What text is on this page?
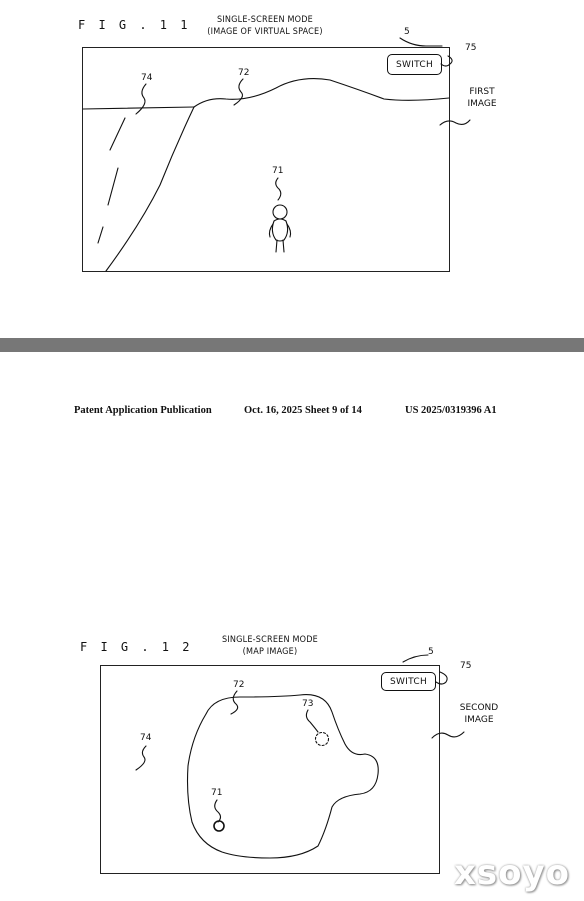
F I G . 1 1	SINGLE-SCREEN MODE
(IMAGE OF VIRTUAL SPACE)	5
75
FIRST
IMAGE
SWITCH
74	72
71
Patent Application Publication	Oct. 16, 2025 Sheet 9 of 14	US 2025/0319396 A1
F I G . 1 2	SINGLE-SCREEN MODE
(MAP IMAGE)	5
75
SECOND
IMAGE
SWITCH
72
73
74
71
xsoyo
